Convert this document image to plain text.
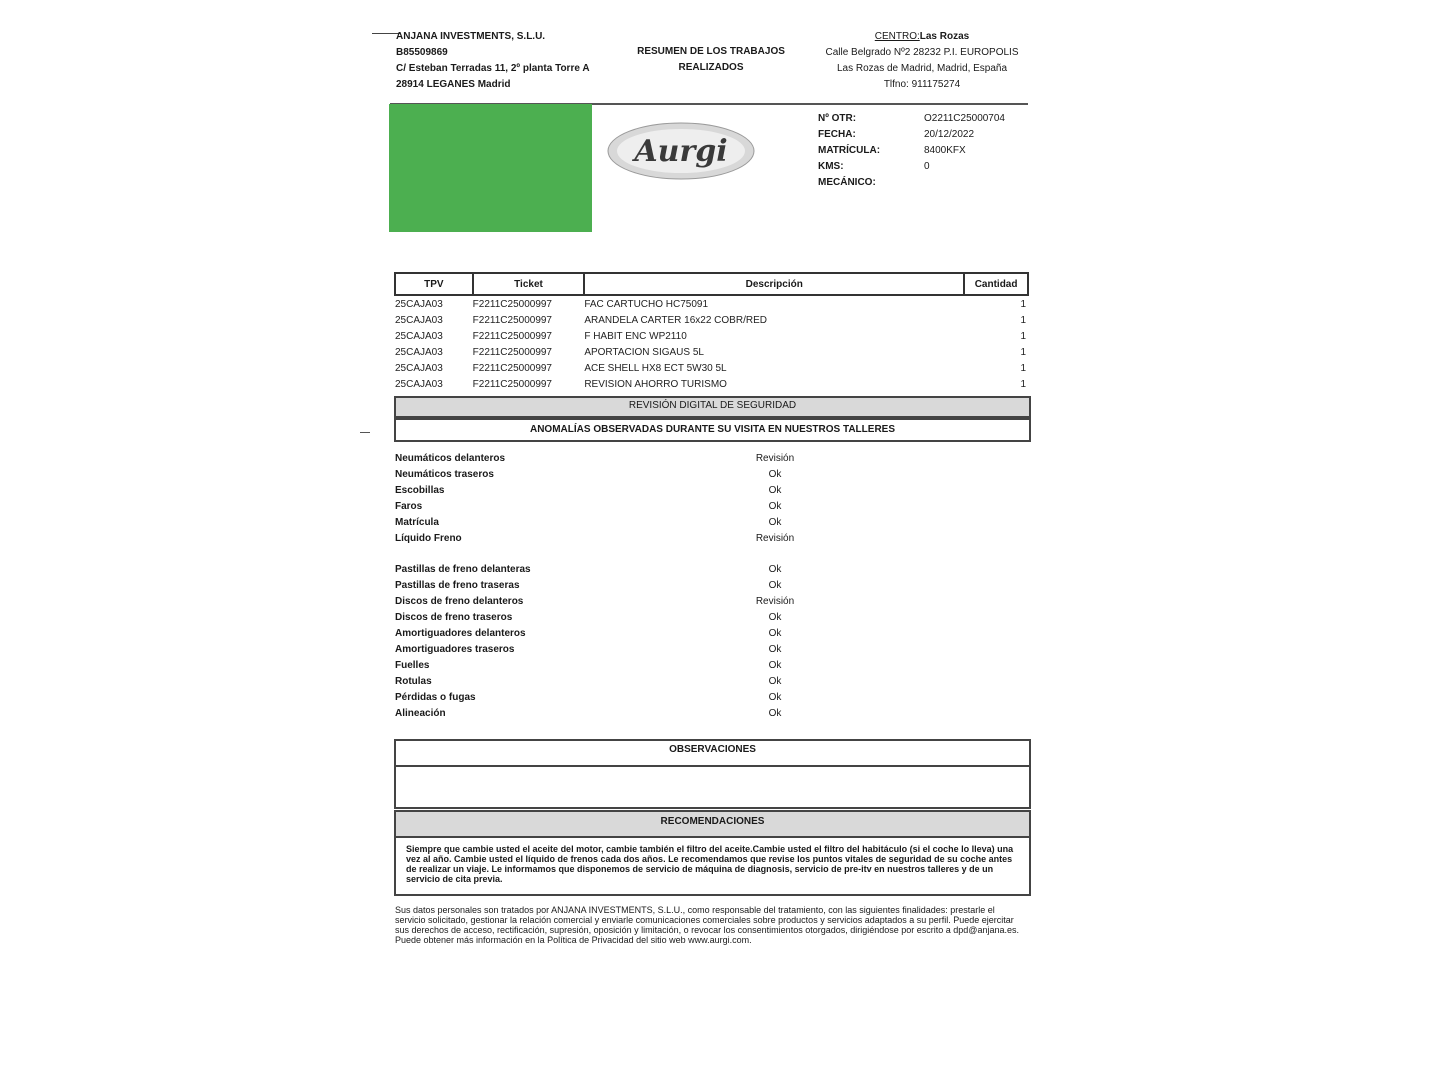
ANJANA INVESTMENTS, S.L.U.
B85509869
C/ Esteban Terradas 11, 2º planta Torre A
28914 LEGANES Madrid
RESUMEN DE LOS TRABAJOS
REALIZADOS
CENTRO:Las Rozas
Calle Belgrado Nº2 28232 P.I. EUROPOLIS
Las Rozas de Madrid, Madrid, España
Tlfno: 911175274
Aurgi
Nº OTR:	O2211C25000704
FECHA:	20/12/2022
MATRÍCULA:	8400KFX
KMS:	0
MECÁNICO:
TPV	Ticket	Descripción	Cantidad
25CAJA03	F2211C25000997	FAC CARTUCHO HC75091	1
25CAJA03	F2211C25000997	ARANDELA CARTER 16x22 COBR/RED	1
25CAJA03	F2211C25000997	F HABIT ENC WP2110	1
25CAJA03	F2211C25000997	APORTACION SIGAUS 5L	1
25CAJA03	F2211C25000997	ACE SHELL HX8 ECT 5W30 5L	1
25CAJA03	F2211C25000997	REVISION AHORRO TURISMO	1
REVISIÓN DIGITAL DE SEGURIDAD
ANOMALÍAS OBSERVADAS DURANTE SU VISITA EN NUESTROS TALLERES
Neumáticos delanteros	Revisión
Neumáticos traseros	Ok
Escobillas	Ok
Faros	Ok
Matrícula	Ok
Líquido Freno	Revisión
Pastillas de freno delanteras	Ok
Pastillas de freno traseras	Ok
Discos de freno delanteros	Revisión
Discos de freno traseros	Ok
Amortiguadores delanteros	Ok
Amortiguadores traseros	Ok
Fuelles	Ok
Rotulas	Ok
Pérdidas o fugas	Ok
Alineación	Ok
OBSERVACIONES
RECOMENDACIONES

Siempre que cambie usted el aceite del motor, cambie también el filtro del aceite.Cambie usted el filtro del habitáculo (si el coche lo lleva) una vez al año. Cambie usted el líquido de frenos cada dos años. Le recomendamos que revise los puntos vitales de seguridad de su coche antes de realizar un viaje. Le informamos que disponemos de servicio de máquina de diagnosis, servicio de pre-itv en nuestros talleres y de un servicio de cita previa.

Sus datos personales son tratados por ANJANA INVESTMENTS, S.L.U., como responsable del tratamiento, con las siguientes finalidades: prestarle el servicio solicitado, gestionar la relación comercial y enviarle comunicaciones comerciales sobre productos y servicios adaptados a su perfil. Puede ejercitar sus derechos de acceso, rectificación, supresión, oposición y limitación, o revocar los consentimientos otorgados, dirigiéndose por escrito a dpd@anjana.es. Puede obtener más información en la Política de Privacidad del sitio web www.aurgi.com.
